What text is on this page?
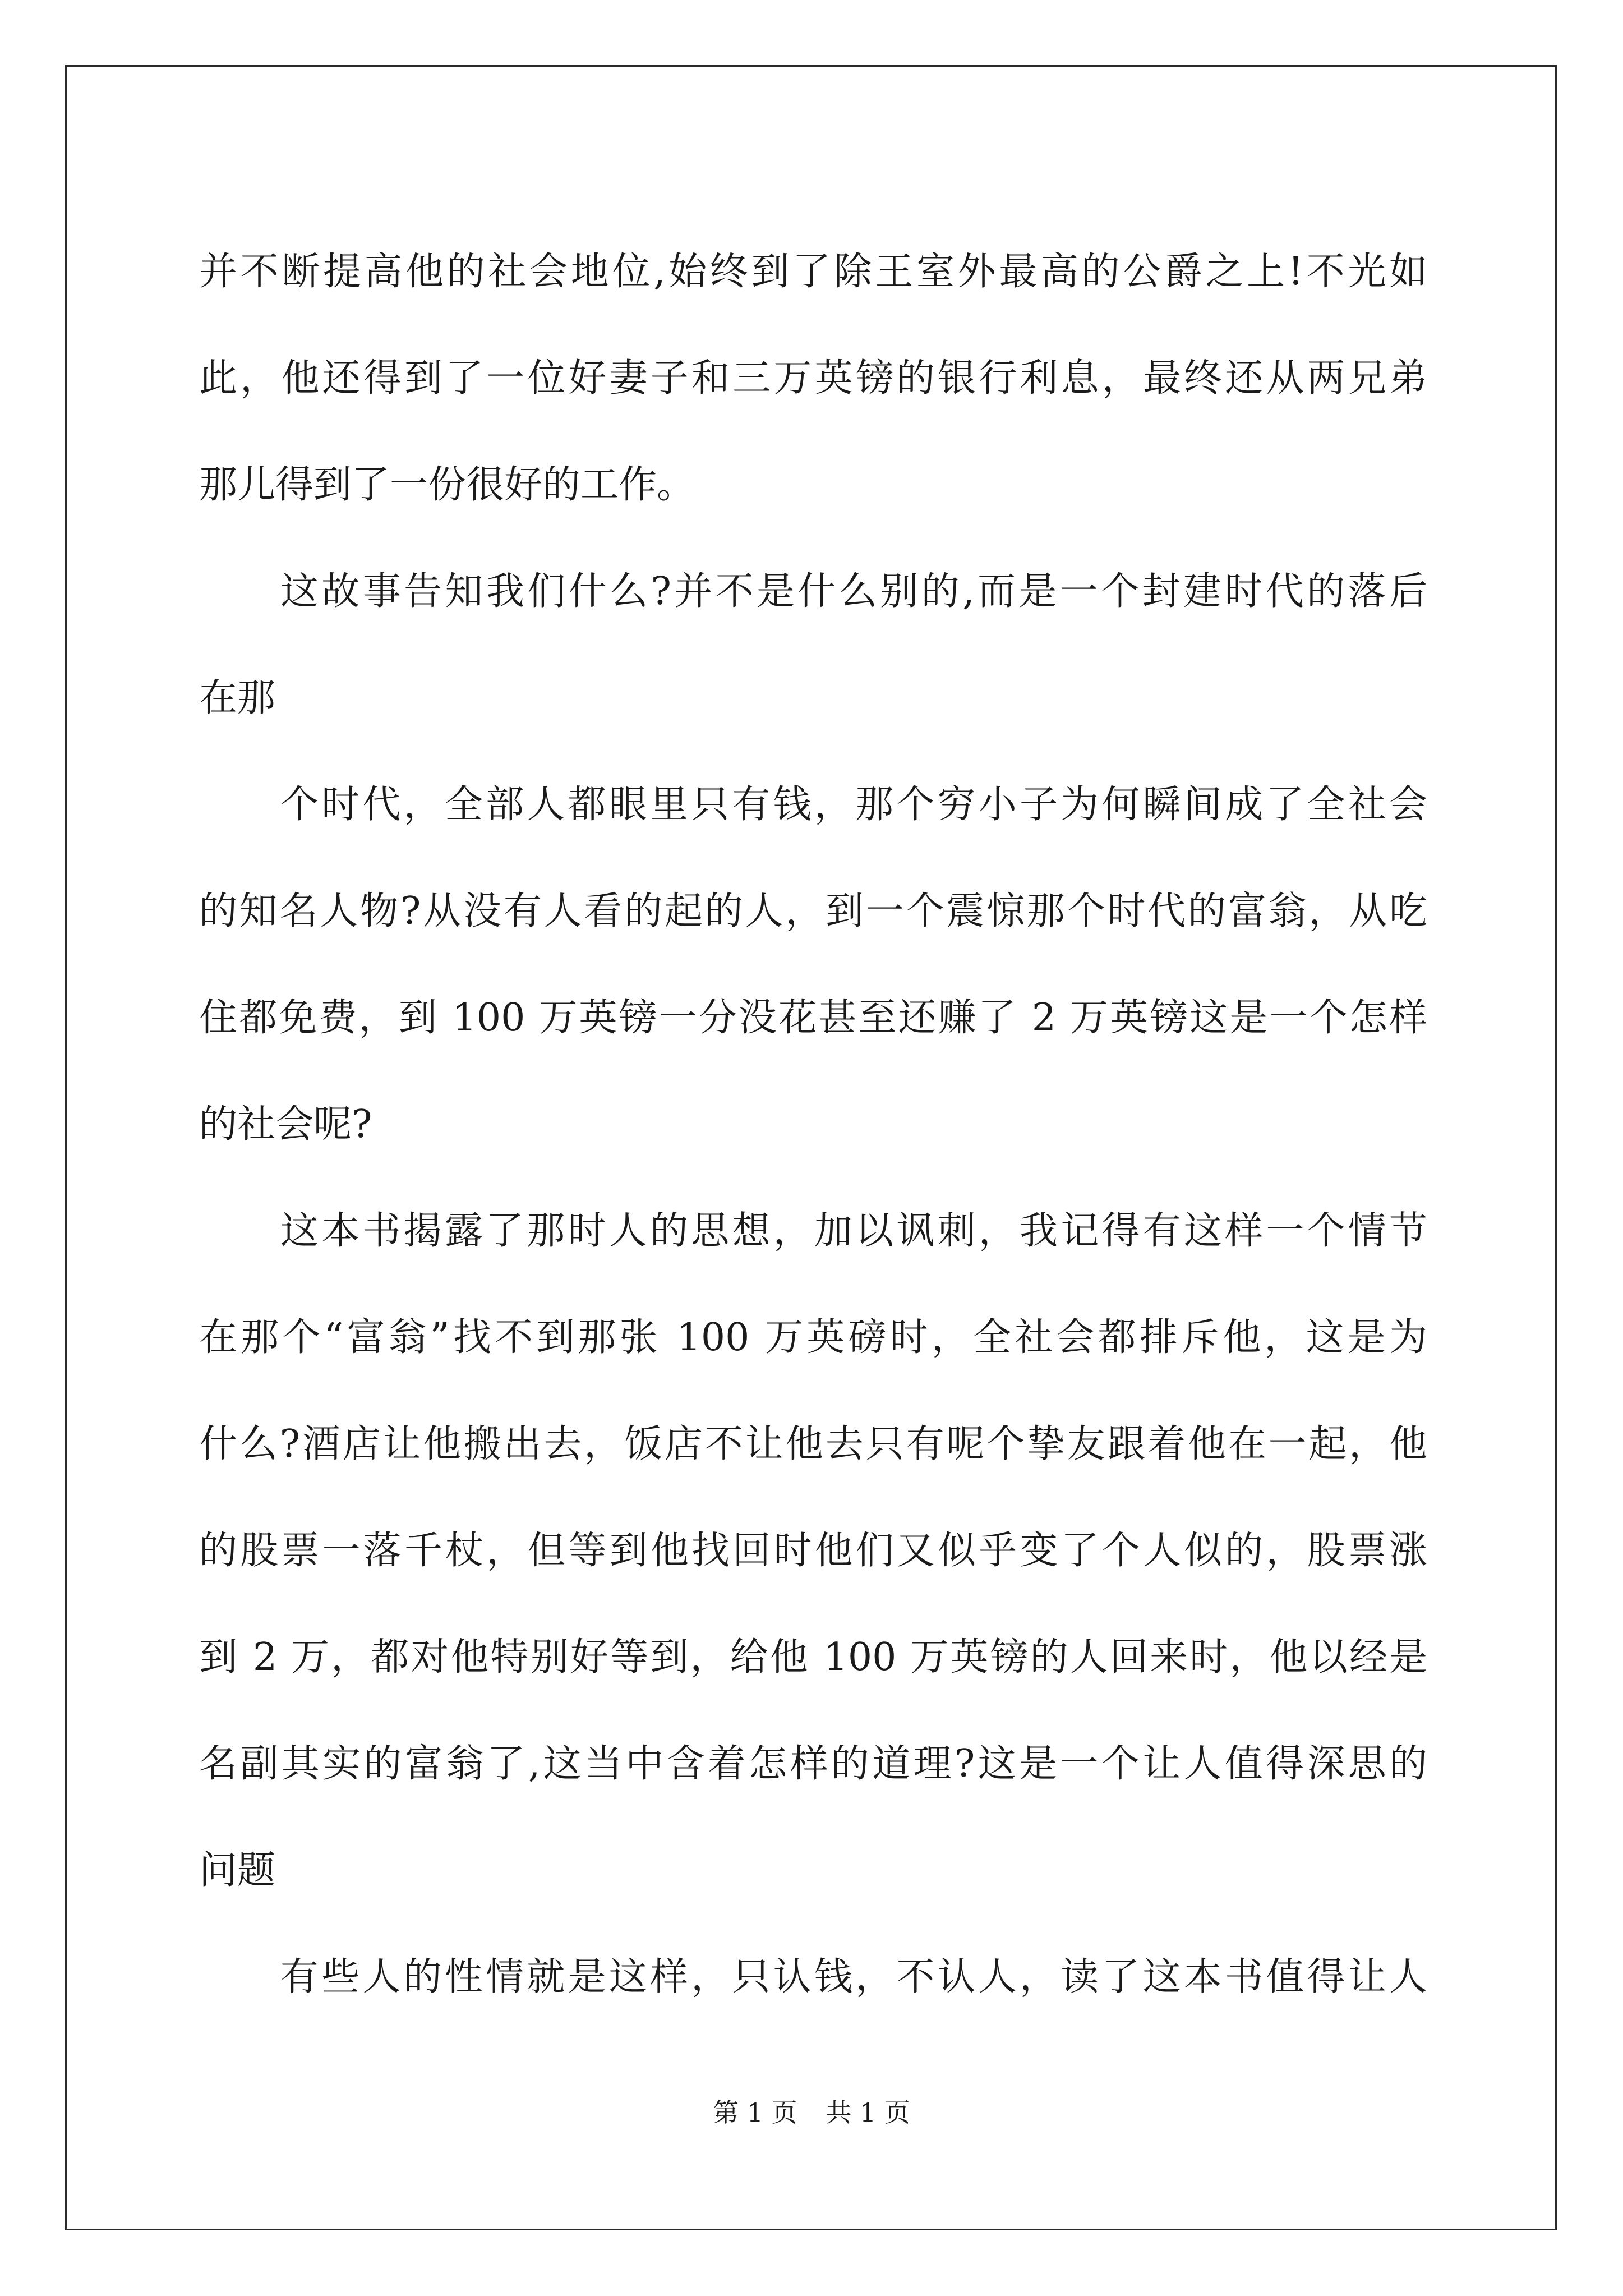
并不断提高他的社会地位,始终到了除王室外最高的公爵之上!不光如
此，他还得到了一位好妻子和三万英镑的银行利息，最终还从两兄弟
那儿得到了一份很好的工作。
这故事告知我们什么?并不是什么别的,而是一个封建时代的落后
在那
个时代，全部人都眼里只有钱，那个穷小子为何瞬间成了全社会
的知名人物?从没有人看的起的人，到一个震惊那个时代的富翁，从吃
住都免费，到 100 万英镑一分没花甚至还赚了 2 万英镑这是一个怎样
的社会呢?
这本书揭露了那时人的思想，加以讽刺，我记得有这样一个情节
在那个“富翁”找不到那张 100 万英磅时，全社会都排斥他，这是为
什么?酒店让他搬出去，饭店不让他去只有呢个挚友跟着他在一起，他
的股票一落千杖，但等到他找回时他们又似乎变了个人似的，股票涨
到 2 万，都对他特别好等到，给他 100 万英镑的人回来时，他以经是
名副其实的富翁了,这当中含着怎样的道理?这是一个让人值得深思的
问题
有些人的性情就是这样，只认钱，不认人，读了这本书值得让人
第 1 页 共 1 页
